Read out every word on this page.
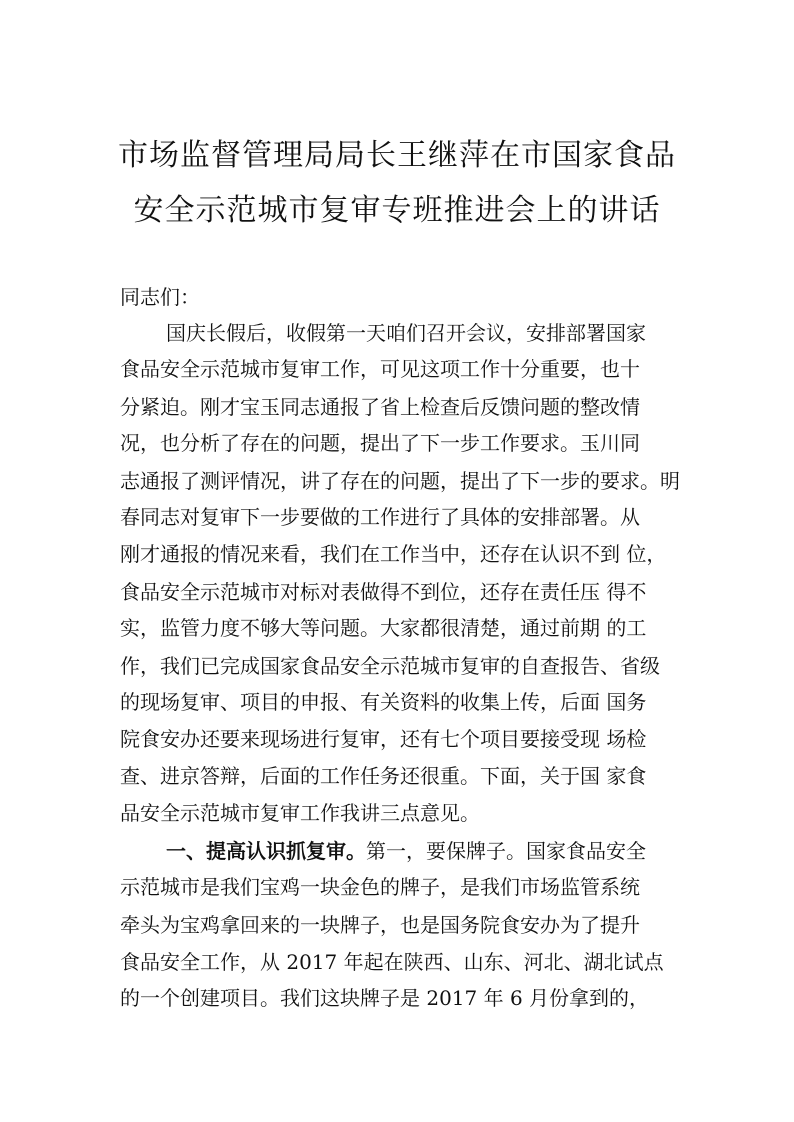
市场监督管理局局长王继萍在市国家食品
安全示范城市复审专班推进会上的讲话
同志们：
国庆长假后，收假第一天咱们召开会议，安排部署国家
食品安全示范城市复审工作，可见这项工作十分重要，也十
分紧迫。刚才宝玉同志通报了省上检查后反馈问题的整改情
况，也分析了存在的问题，提出了下一步工作要求。玉川同
志通报了测评情况，讲了存在的问题，提出了下一步的要求。明
春同志对复审下一步要做的工作进行了具体的安排部署。从
刚才通报的情况来看，我们在工作当中，还存在认识不到 位，
食品安全示范城市对标对表做得不到位，还存在责任压 得不
实，监管力度不够大等问题。大家都很清楚，通过前期 的工
作，我们已完成国家食品安全示范城市复审的自查报告、省级
的现场复审、项目的申报、有关资料的收集上传，后面 国务
院食安办还要来现场进行复审，还有七个项目要接受现 场检
查、进京答辩，后面的工作任务还很重。下面，关于国 家食
品安全示范城市复审工作我讲三点意见。
一、提高认识抓复审。第一，要保牌子。国家食品安全
示范城市是我们宝鸡一块金色的牌子，是我们市场监管系统
牵头为宝鸡拿回来的一块牌子，也是国务院食安办为了提升
食品安全工作，从 2017 年起在陕西、山东、河北、湖北试点
的一个创建项目。我们这块牌子是 2017 年 6 月份拿到的，
